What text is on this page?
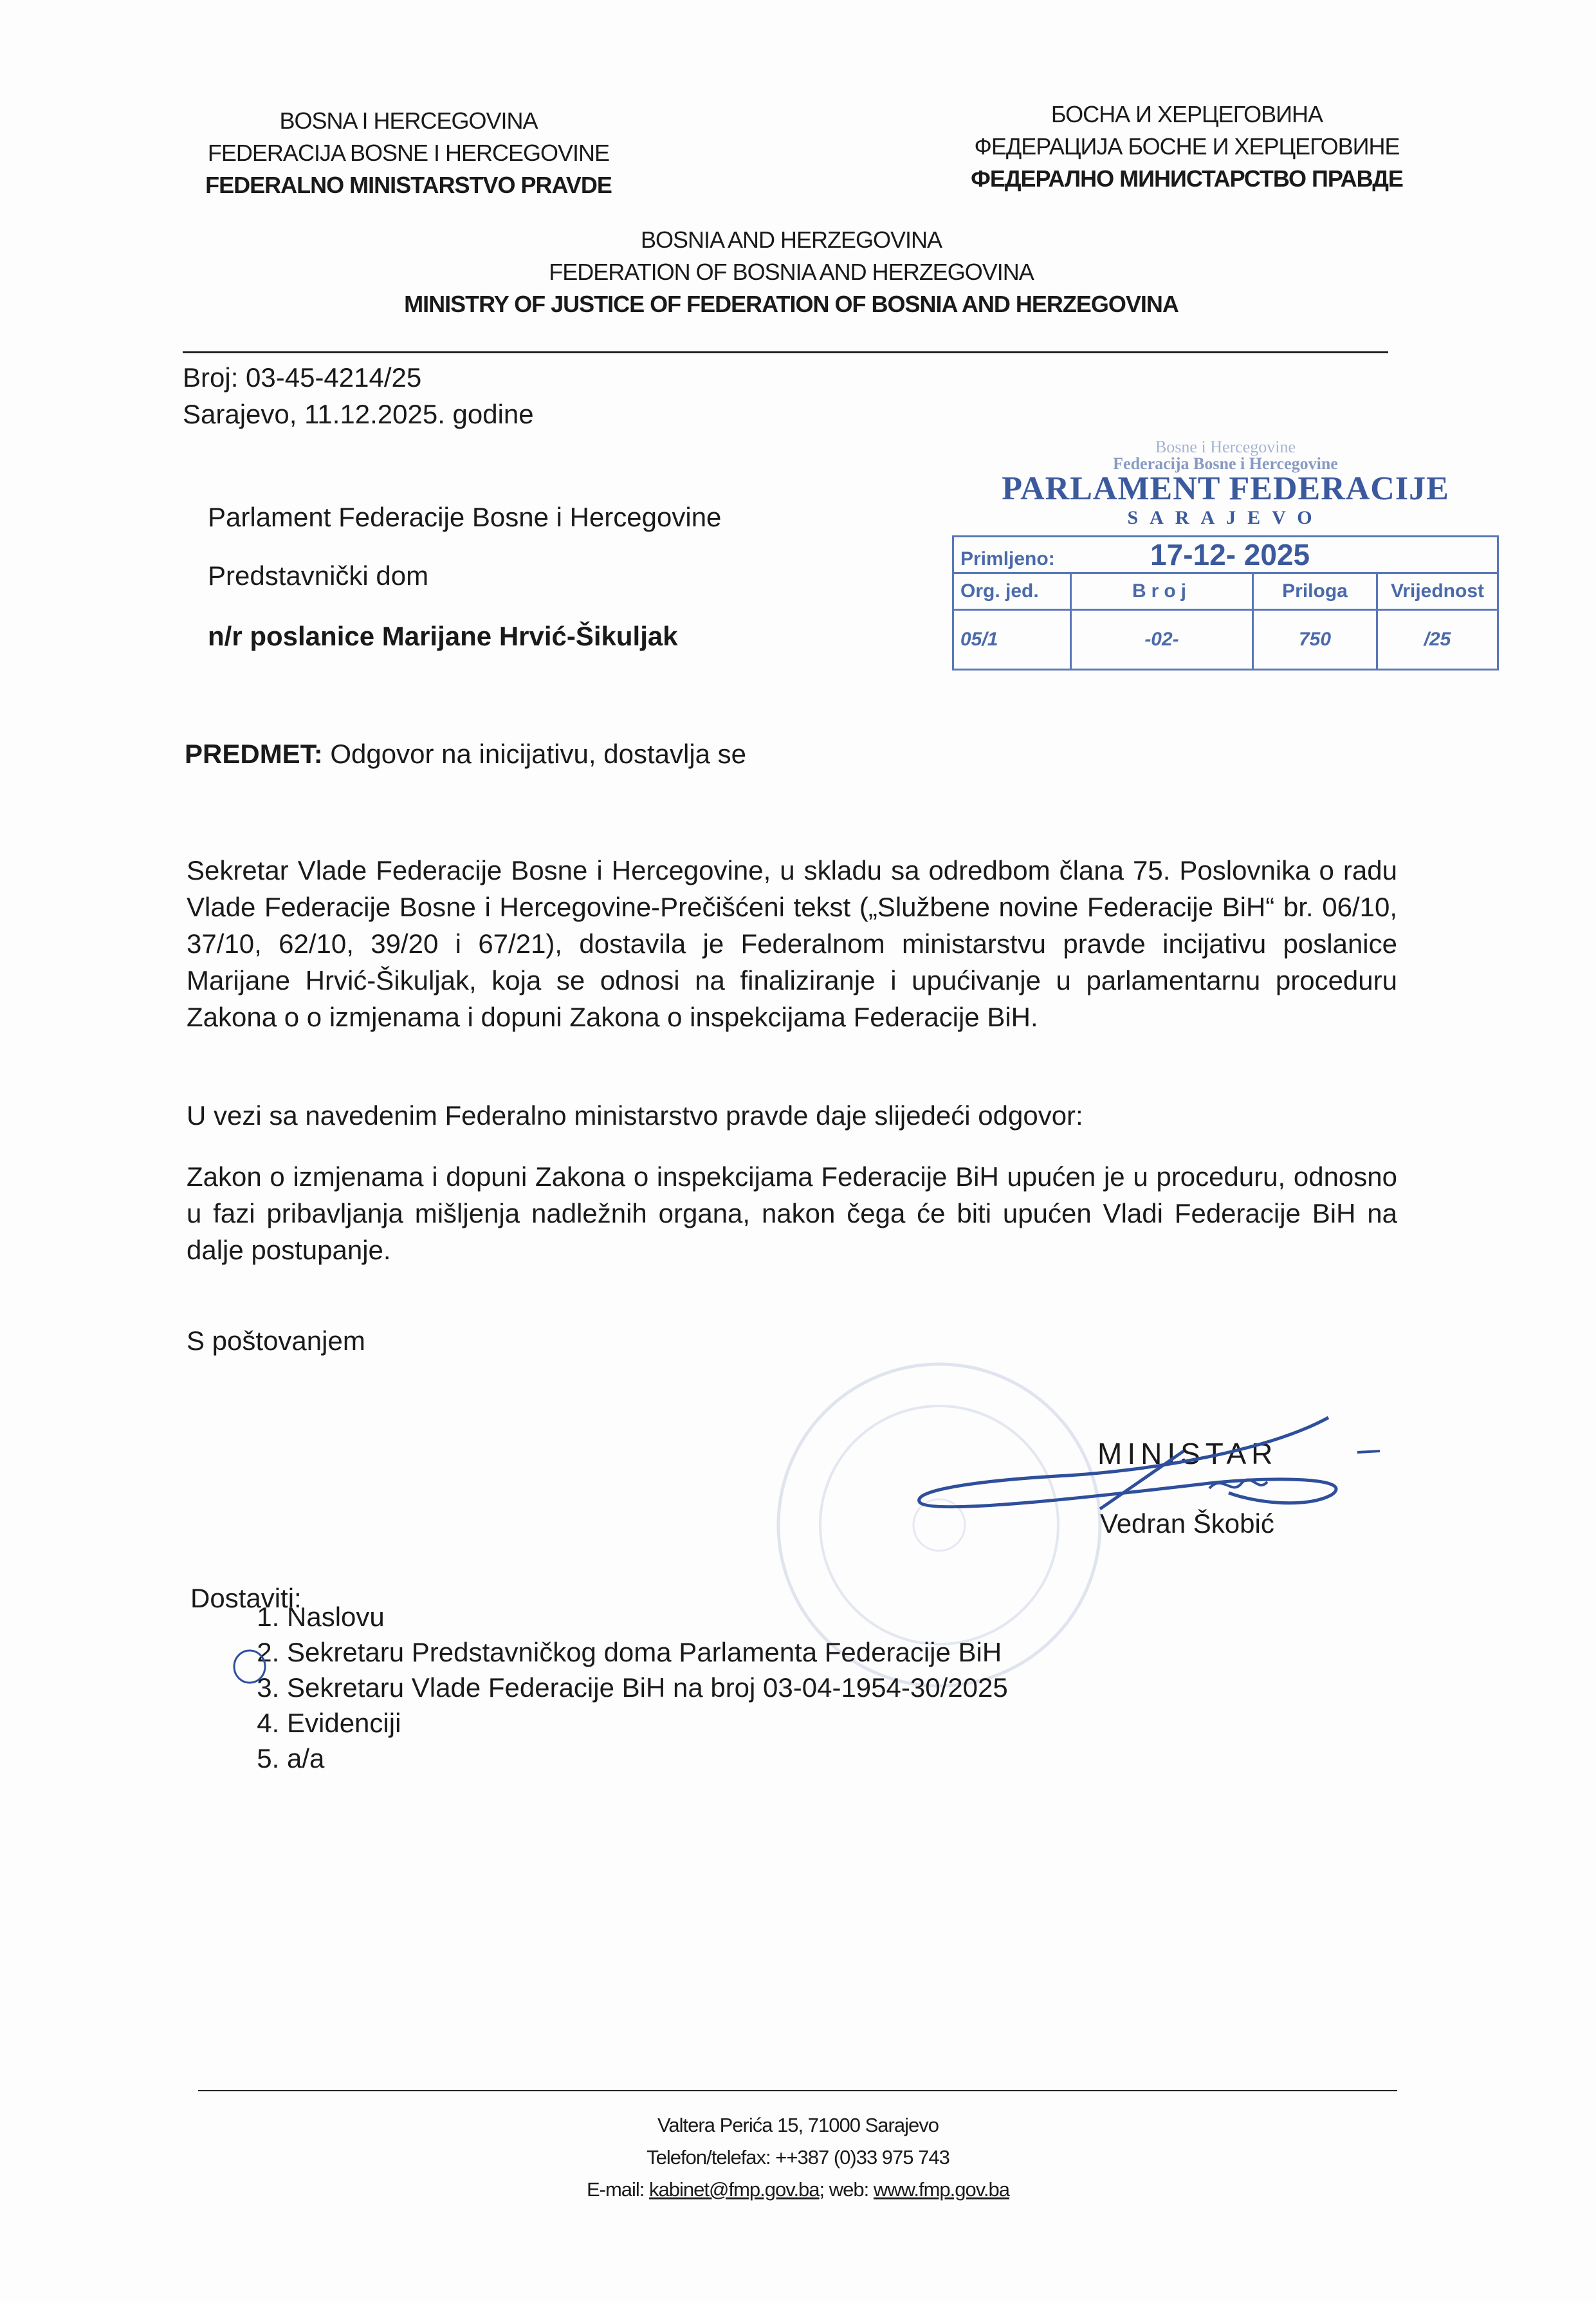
BOSNA I HERCEGOVINA
FEDERACIJA BOSNE I HERCEGOVINE
FEDERALNO MINISTARSTVO PRAVDE
БОСНА И ХЕРЦЕГОВИНА
ФЕДЕРАЦИЈА БОСНЕ И ХЕРЦЕГОВИНЕ
ФЕДЕРАЛНО МИНИСТАРСТВО ПРАВДЕ
BOSNIA AND HERZEGOVINA
FEDERATION OF BOSNIA AND HERZEGOVINA
MINISTRY OF JUSTICE OF FEDERATION OF BOSNIA AND HERZEGOVINA
Broj: 03-45-4214/25
Sarajevo, 11.12.2025. godine
Parlament Federacije Bosne i Hercegovine
Predstavnički dom
n/r poslanice Marijane Hrvić-Šikuljak
Bosne i Hercegovine
Federacija Bosne i Hercegovine
PARLAMENT FEDERACIJE
SARAJEVO
Primljeno: 17-12- 2025			
Org. jed.	Broj	Priloga	Vrijednost
05/1	-02-	750	/25
PREDMET: Odgovor na inicijativu, dostavlja se
Sekretar Vlade Federacije Bosne i Hercegovine, u skladu sa odredbom člana 75. Poslovnika o radu Vlade Federacije Bosne i Hercegovine-Prečišćeni tekst („Službene novine Federacije BiH“ br. 06/10, 37/10, 62/10, 39/20 i 67/21), dostavila je Federalnom ministarstvu pravde incijativu poslanice Marijane Hrvić-Šikuljak, koja se odnosi na finaliziranje i upućivanje u parlamentarnu proceduru Zakona o o izmjenama i dopuni Zakona o inspekcijama Federacije BiH.
U vezi sa navedenim Federalno ministarstvo pravde daje slijedeći odgovor:
Zakon o izmjenama i dopuni Zakona o inspekcijama Federacije BiH upućen je u proceduru, odnosno u fazi pribavljanja mišljenja nadležnih organa, nakon čega će biti upućen Vladi Federacije BiH na dalje postupanje.
S poštovanjem
MINISTAR
Vedran Škobić
Dostaviti:
1. Naslovu
2. Sekretaru Predstavničkog doma Parlamenta Federacije BiH
3. Sekretaru Vlade Federacije BiH na broj 03-04-1954-30/2025
4. Evidenciji
5. a/a
Valtera Perića 15, 71000 Sarajevo
Telefon/telefax: ++387 (0)33 975 743
E-mail: kabinet@fmp.gov.ba; web: www.fmp.gov.ba
